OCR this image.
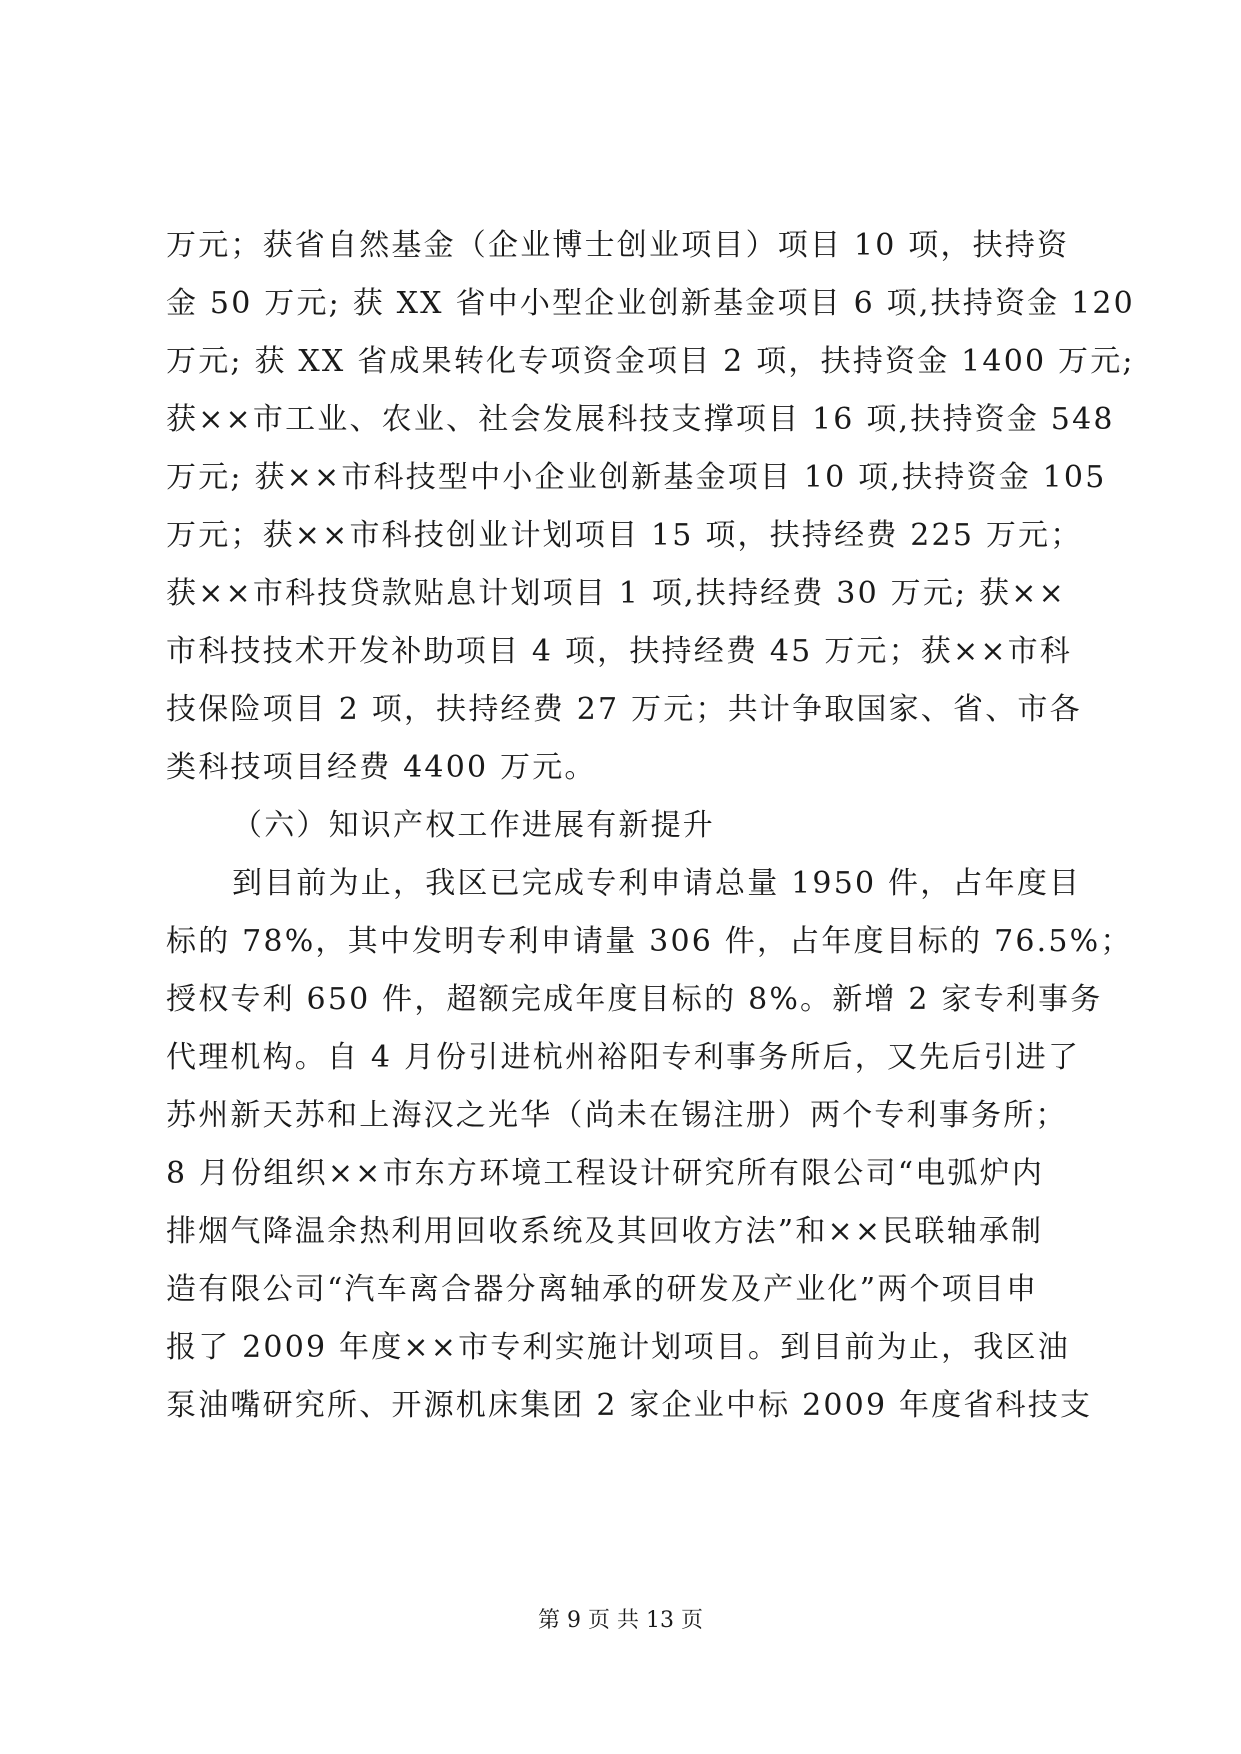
万元；获省自然基金（企业博士创业项目）项目 10 项，扶持资
金 50 万元; 获 XX 省中小型企业创新基金项目 6 项,扶持资金 120
万元; 获 XX 省成果转化专项资金项目 2 项，扶持资金 1400 万元;
获××市工业、农业、社会发展科技支撑项目 16 项,扶持资金 548
万元; 获××市科技型中小企业创新基金项目 10 项,扶持资金 105
万元；获××市科技创业计划项目 15 项，扶持经费 225 万元；
获××市科技贷款贴息计划项目 1 项,扶持经费 30 万元; 获××
市科技技术开发补助项目 4 项，扶持经费 45 万元；获××市科
技保险项目 2 项，扶持经费 27 万元；共计争取国家、省、市各
类科技项目经费 4400 万元。
（六）知识产权工作进展有新提升
到目前为止，我区已完成专利申请总量 1950 件，占年度目
标的 78%，其中发明专利申请量 306 件，占年度目标的 76.5%；
授权专利 650 件，超额完成年度目标的 8%。新增 2 家专利事务
代理机构。自 4 月份引进杭州裕阳专利事务所后，又先后引进了
苏州新天苏和上海汉之光华（尚未在锡注册）两个专利事务所；
8 月份组织××市东方环境工程设计研究所有限公司“电弧炉内
排烟气降温余热利用回收系统及其回收方法”和××民联轴承制
造有限公司“汽车离合器分离轴承的研发及产业化”两个项目申
报了 2009 年度××市专利实施计划项目。到目前为止，我区油
泵油嘴研究所、开源机床集团 2 家企业中标 2009 年度省科技支
第 9 页 共 13 页
